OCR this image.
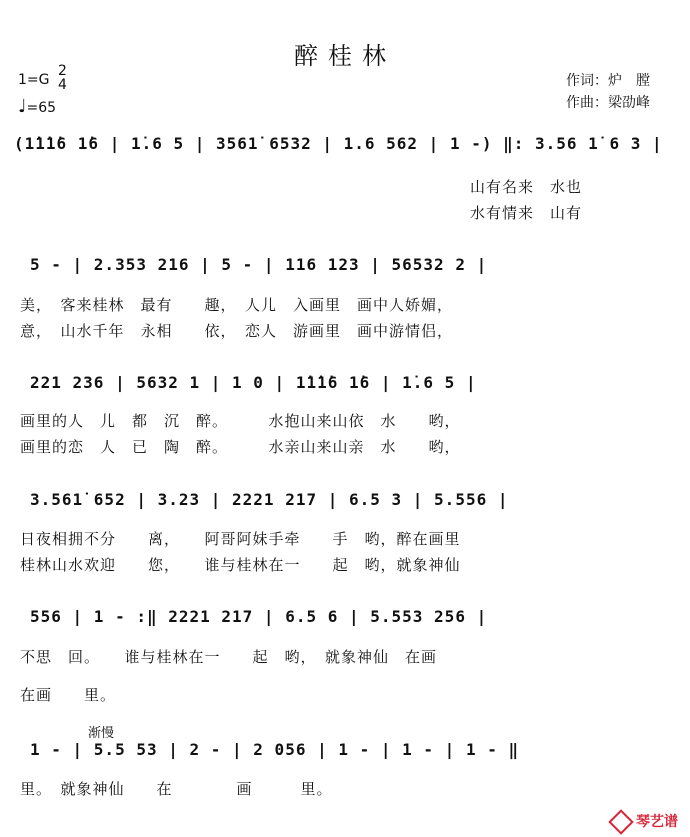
醉桂林
1=G
2
4
♩=65
作词：炉　膛
作曲：梁劭峰
(1̇1̇1̇6 1̇6 | 1̇.6 5 | 3561̇ 6532 | 1.6 562 | 1 -) ‖: 3.56 1̇ 6 3 |
山有名来　水也
水有情来　山有
5 - | 2.353 216 | 5 - | 116 123 | 56532 2 |
美，　客来桂林　最有　　趣，　人儿　入画里　画中人娇媚，
意，　山水千年　永相　　依，　恋人　游画里　画中游情侣，
221 236 | 5632 1 | 1 0 | 1̇1̇1̇6 1̇6 | 1̇.6 5 |
画里的人　儿　都　沉　醉。　　　水抱山来山依　水　　哟，
画里的恋　人　已　陶　醉。　　　水亲山来山亲　水　　哟，
3.561̇ 652 | 3.23 | 2221 217 | 6.5 3 | 5.556 |
日夜相拥不分　　离，　　阿哥阿妹手牵　　手　哟，醉在画里
桂林山水欢迎　　您，　　谁与桂林在一　　起　哟，就象神仙
556 | 1 - :‖ 2221 217 | 6.5 6 | 5.553 256 |
不思　回。　　谁与桂林在一　　起　哟，　就象神仙　在画
在画　　里。
渐慢
1 - | 5.5 53 | 2 - | 2 056 | 1 - | 1 - | 1 - ‖
里。　就象神仙　　在　　　　画　　　里。
琴艺谱
